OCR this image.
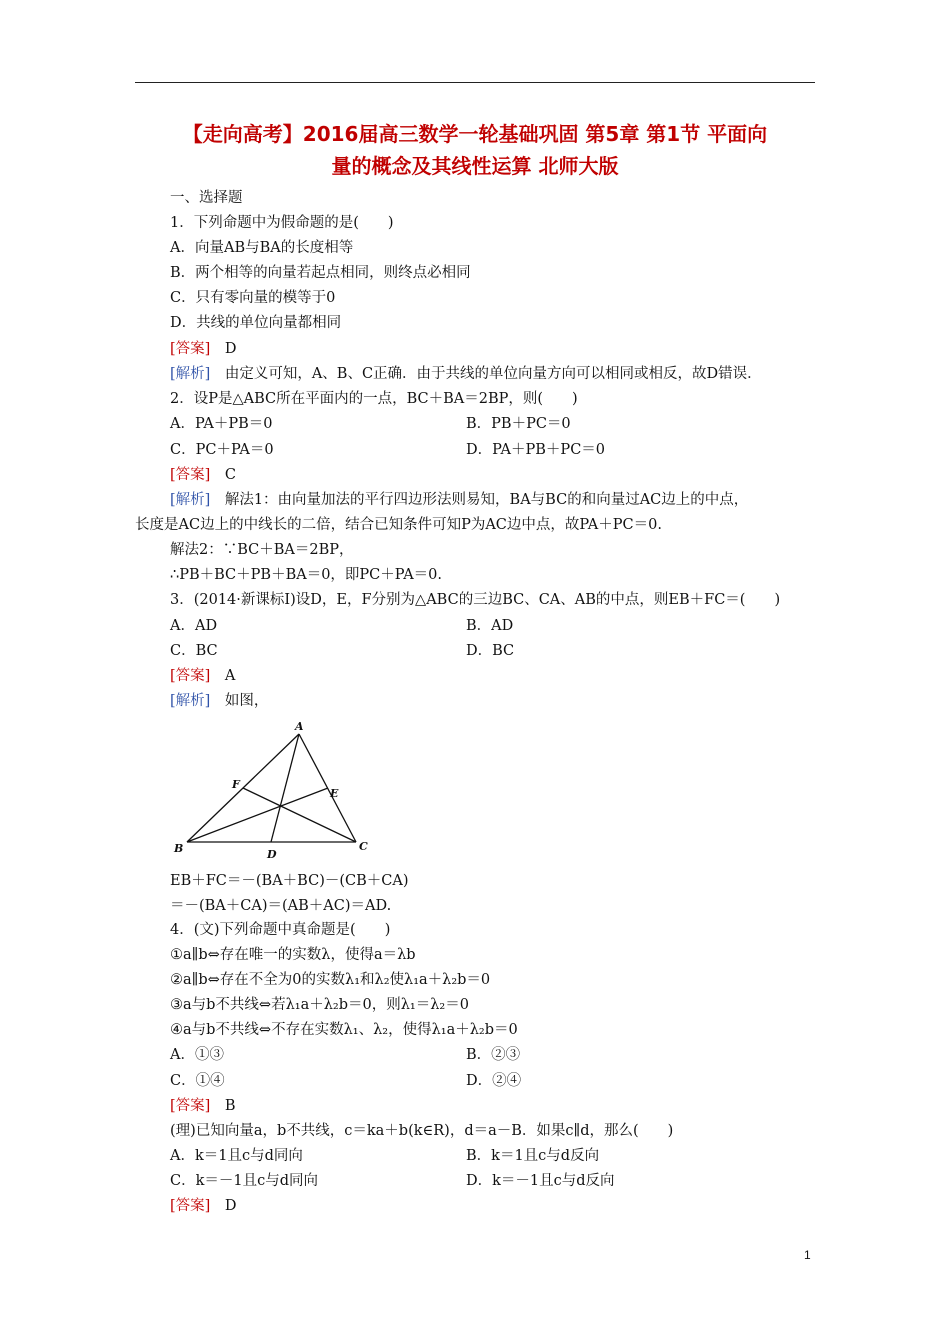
【走向高考】2016届高三数学一轮基础巩固 第5章 第1节 平面向
量的概念及其线性运算 北师大版
一、选择题
1．下列命题中为假命题的是(　　)
A．向量AB与BA的长度相等
B．两个相等的向量若起点相同，则终点必相同
C．只有零向量的模等于0
D．共线的单位向量都相同
[答案]　D
[解析]　由定义可知，A、B、C正确．由于共线的单位向量方向可以相同或相反，故D错误．
2．设P是△ABC所在平面内的一点，BC＋BA＝2BP，则(　　)
A．PA＋PB＝0	B．PB＋PC＝0
C．PC＋PA＝0	D．PA＋PB＋PC＝0
[答案]　C
[解析]　解法1：由向量加法的平行四边形法则易知，BA与BC的和向量过AC边上的中点，
长度是AC边上的中线长的二倍，结合已知条件可知P为AC边中点，故PA＋PC＝0.
解法2：∵BC＋BA＝2BP，
∴PB＋BC＋PB＋BA＝0，即PC＋PA＝0.
3．(2014·新课标Ⅰ)设D，E，F分别为△ABC的三边BC、CA、AB的中点，则EB＋FC＝(　　)
A．AD	B．AD
C．BC	D．BC
[答案]　A
[解析]　如图，
A
B	C
D
E
F
EB＋FC＝－(BA＋BC)－(CB＋CA)
＝－(BA＋CA)＝(AB＋AC)＝AD.
4．(文)下列命题中真命题是(　　)
①a∥b⇔存在唯一的实数λ，使得a＝λb
②a∥b⇔存在不全为0的实数λ₁和λ₂使λ₁a＋λ₂b＝0
③a与b不共线⇔若λ₁a＋λ₂b＝0，则λ₁＝λ₂＝0
④a与b不共线⇔不存在实数λ₁、λ₂，使得λ₁a＋λ₂b＝0
A．①③	B．②③
C．①④	D．②④
[答案]　B
(理)已知向量a，b不共线，c＝ka＋b(k∈R)，d＝a－B．如果c∥d，那么(　　)
A．k＝1且c与d同向	B．k＝1且c与d反向
C．k＝－1且c与d同向	D．k＝－1且c与d反向
[答案]　D
1
